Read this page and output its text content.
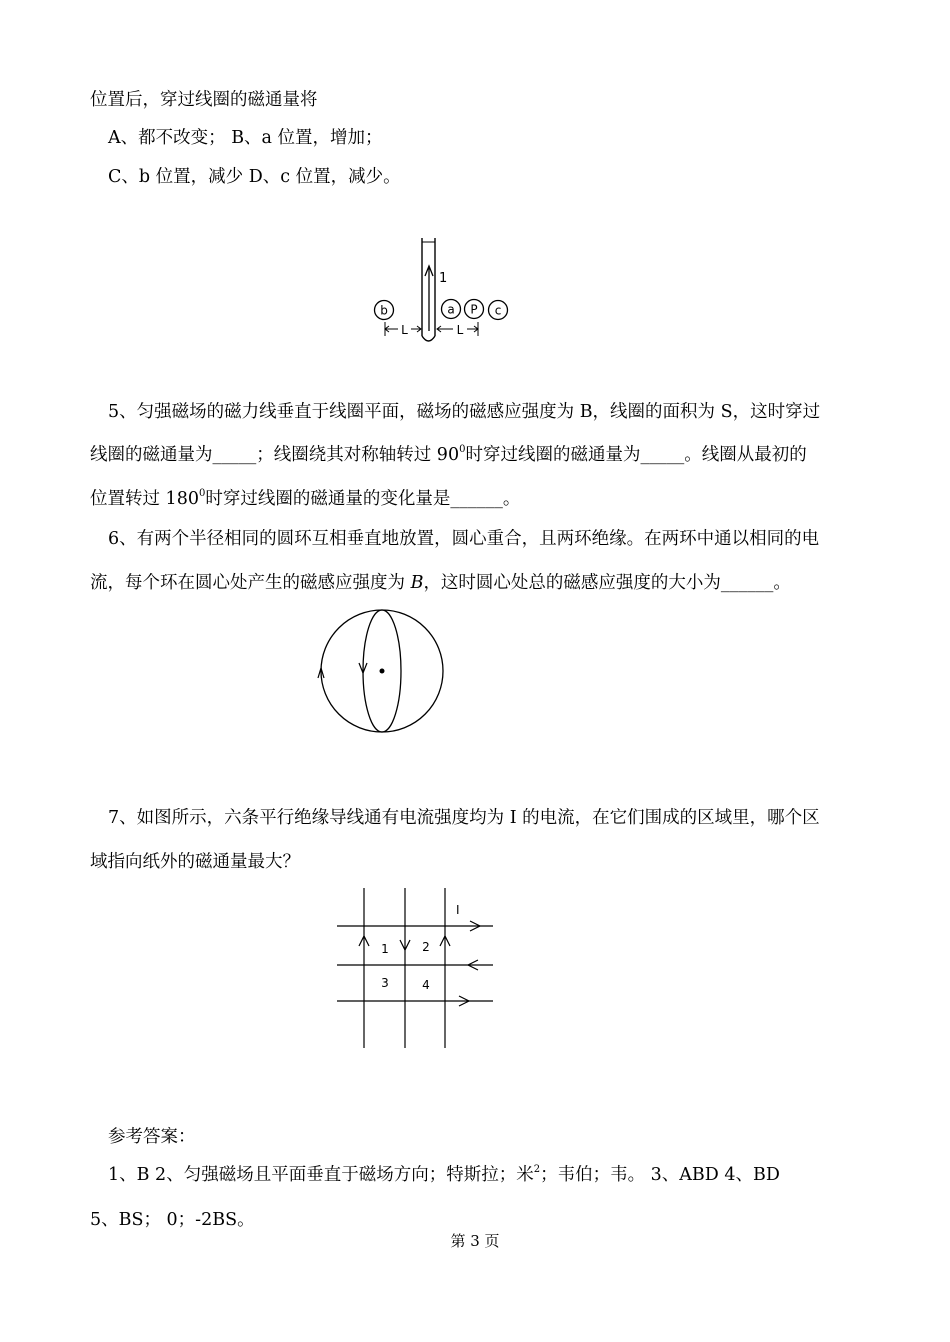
位置后，穿过线圈的磁通量将
A、都不改变； B、a 位置，增加；
C、b 位置，减少 D、c 位置，减少。
1
b	a P c
L	L
5、匀强磁场的磁力线垂直于线圈平面，磁场的磁感应强度为 B，线圈的面积为 S，这时穿过
线圈的磁通量为_____；线圈绕其对称轴转过 $90^0$时穿过线圈的磁通量为_____。线圈从最初的
位置转过 $180^0$时穿过线圈的磁通量的变化量是______。
6、有两个半径相同的圆环互相垂直地放置，圆心重合，且两环绝缘。在两环中通以相同的电
流，每个环在圆心处产生的磁感应强度为 B，这时圆心处总的磁感应强度的大小为______。
7、如图所示，六条平行绝缘导线通有电流强度均为 I 的电流，在它们围成的区域里，哪个区
域指向纸外的磁通量最大？
I
1	2
3	4
参考答案：
1、B 2、匀强磁场且平面垂直于磁场方向；特斯拉；米$^2$；韦伯；韦。 3、ABD 4、BD
5、BS； 0；-2BS。
第 3 页
